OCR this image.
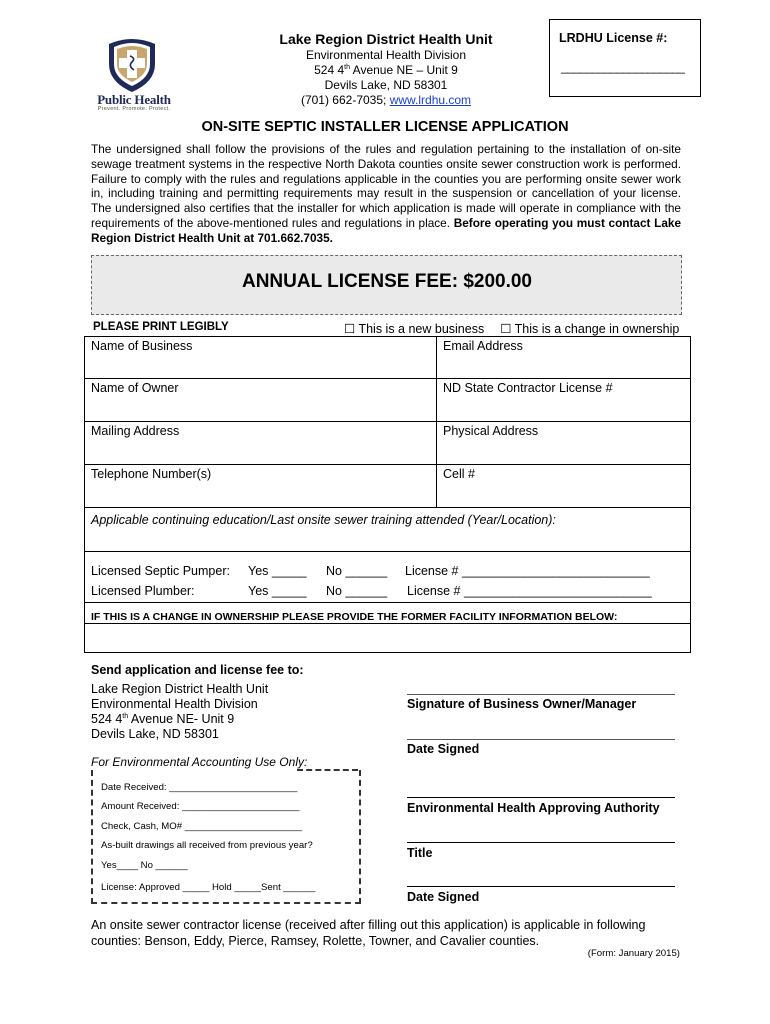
Public Health
Prevent. Promote. Protect.
Lake Region District Health Unit
Environmental Health Division
524 4th Avenue NE – Unit 9
Devils Lake, ND 58301
(701) 662-7035; www.lrdhu.com
LRDHU License #:
____________________
ON-SITE SEPTIC INSTALLER LICENSE APPLICATION
The undersigned shall follow the provisions of the rules and regulation pertaining to the installation of on-site sewage treatment systems in the respective North Dakota counties onsite sewer construction work is performed. Failure to comply with the rules and regulations applicable in the counties you are performing onsite sewer work in, including training and permitting requirements may result in the suspension or cancellation of your license. The undersigned also certifies that the installer for which application is made will operate in compliance with the requirements of the above-mentioned rules and regulations in place. Before operating you must contact Lake Region District Health Unit at 701.662.7035.
ANNUAL LICENSE FEE: $200.00
PLEASE PRINT LEGIBLY	☐ This is a new business ☐ This is a change in ownership
Name of Business	Email Address
Name of Owner	ND State Contractor License #
Mailing Address	Physical Address
Telephone Number(s)	Cell #
Applicable continuing education/Last onsite sewer training attended (Year/Location):
Licensed Septic Pumper: Yes _____ No ______ License # ___________________________
Licensed Plumber:	Yes _____ No ______ License # ___________________________
IF THIS IS A CHANGE IN OWNERSHIP PLEASE PROVIDE THE FORMER FACILITY INFORMATION BELOW:
Send application and license fee to:
Lake Region District Health Unit
Environmental Health Division
524 4th Avenue NE- Unit 9
Devils Lake, ND 58301
For Environmental Accounting Use Only:
Date Received: ________________________
Amount Received: ______________________
Check, Cash, MO# ______________________
As-built drawings all received from previous year?
Yes____ No ______
License: Approved _____ Hold _____Sent ______
Signature of Business Owner/Manager
Date Signed
Environmental Health Approving Authority
Title
Date Signed
An onsite sewer contractor license (received after filling out this application) is applicable in following counties: Benson, Eddy, Pierce, Ramsey, Rolette, Towner, and Cavalier counties.
(Form: January 2015)
